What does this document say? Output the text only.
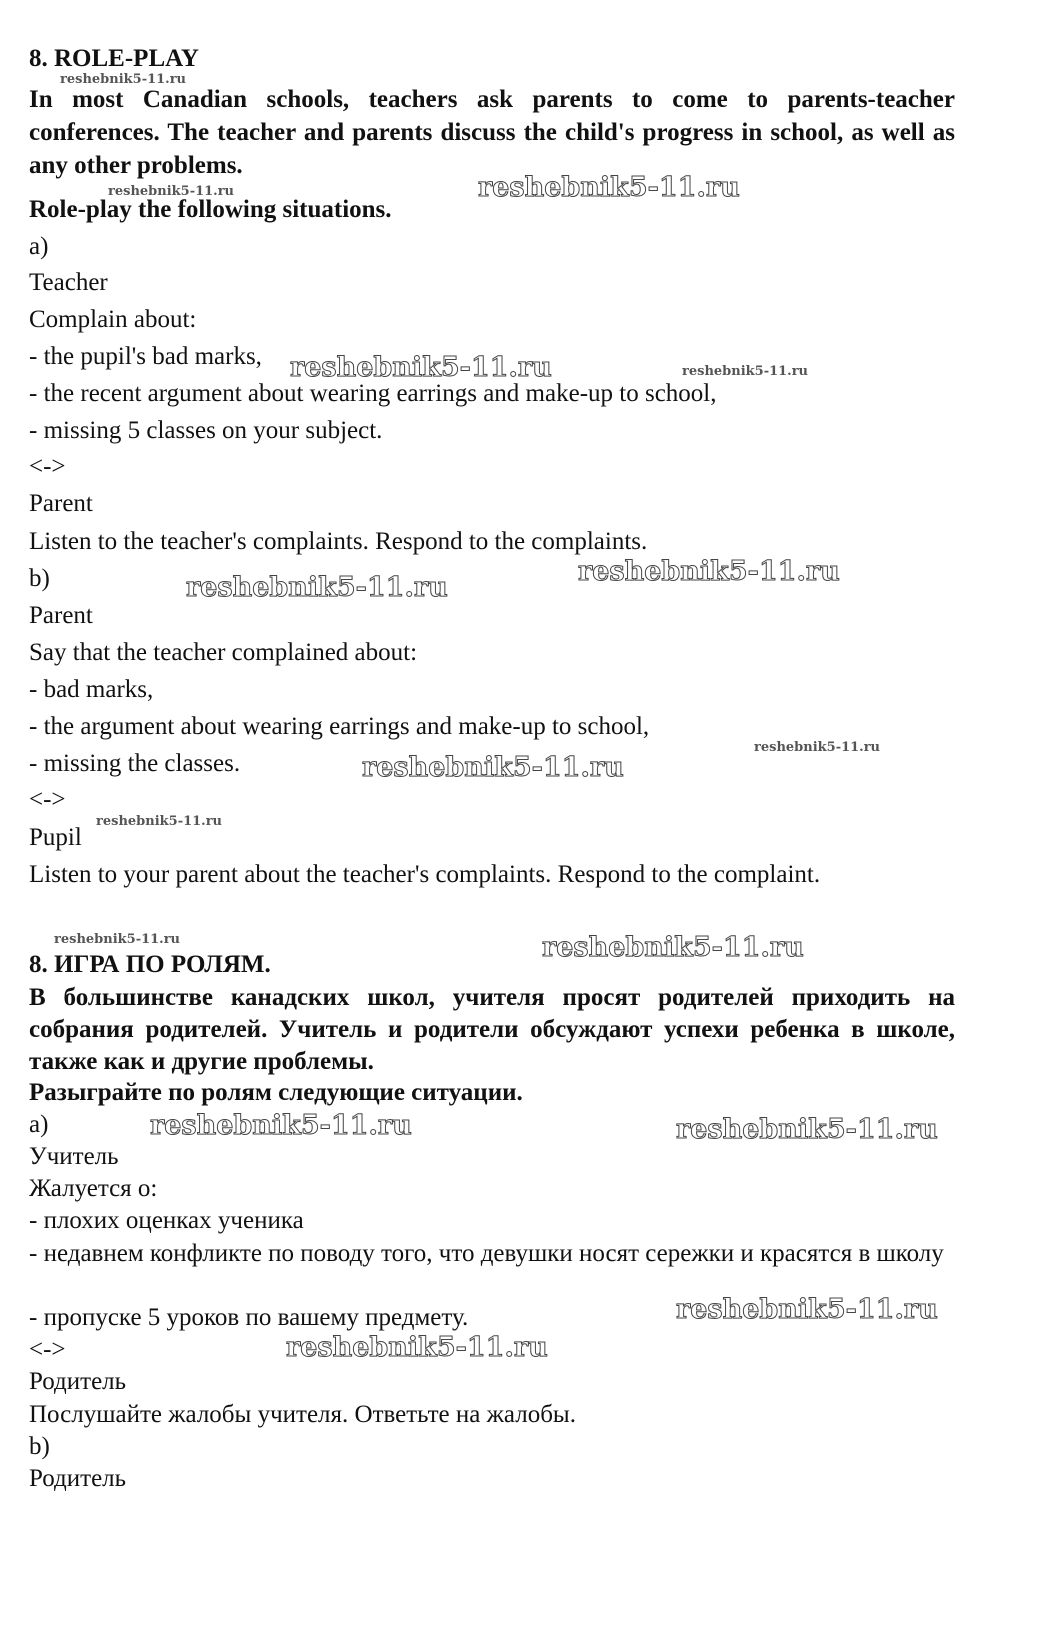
8. ROLE-PLAY

In most Canadian schools, teachers ask parents to come to parents-teacher conferences. The teacher and parents discuss the child's progress in school, as well as any other problems.

Role-play the following situations.

a)

Teacher

Complain about:

- the pupil's bad marks,

- the recent argument about wearing earrings and make-up to school,

- missing 5 classes on your subject.

<->

Parent

Listen to the teacher's complaints. Respond to the complaints.

b)

Parent

Say that the teacher complained about:

- bad marks,

- the argument about wearing earrings and make-up to school,

- missing the classes.

<->

Pupil

Listen to your parent about the teacher's complaints. Respond to the complaint.

8. ИГРА ПО РОЛЯМ.

В большинстве канадских школ, учителя просят родителей приходить на собрания родителей. Учитель и родители обсуждают успехи ребенка в школе, также как и другие проблемы.

Разыграйте по ролям следующие ситуации.

a)

Учитель

Жалуется о:

- плохих оценках ученика

- недавнем конфликте по поводу того, что девушки носят сережки и красятся в школу

- пропуске 5 уроков по вашему предмету.

<->

Родитель

Послушайте жалобы учителя. Ответьте на жалобы.

b)

Родитель

reshebnik5-11.ru
reshebnik5-11.ru
reshebnik5-11.ru
reshebnik5-11.ru	reshebnik5-11.ru
reshebnik5-11.ru
reshebnik5-11.ru
reshebnik5-11.ru
reshebnik5-11.ru
reshebnik5-11.ru
reshebnik5-11.ru	reshebnik5-11.ru
reshebnik5-11.ru	reshebnik5-11.ru
reshebnik5-11.ru
reshebnik5-11.ru
